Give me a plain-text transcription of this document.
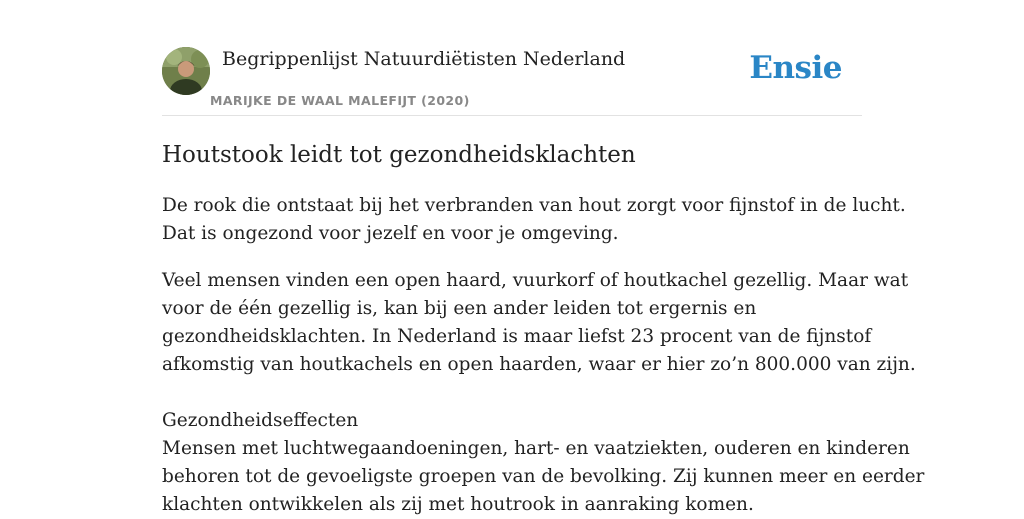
Begrippenlijst Natuurdiëtisten Nederland
MARIJKE DE WAAL MALEFIJT (2020)
Ensie
Houtstook leidt tot gezondheidsklachten
De rook die ontstaat bij het verbranden van hout zorgt voor fijnstof in de lucht.
Dat is ongezond voor jezelf en voor je omgeving.
Veel mensen vinden een open haard, vuurkorf of houtkachel gezellig. Maar wat
voor de één gezellig is, kan bij een ander leiden tot ergernis en
gezondheidsklachten. In Nederland is maar liefst 23 procent van de fijnstof
afkomstig van houtkachels en open haarden, waar er hier zo’n 800.000 van zijn.
Gezondheidseffecten
Mensen met luchtwegaandoeningen, hart- en vaatziekten, ouderen en kinderen
behoren tot de gevoeligste groepen van de bevolking. Zij kunnen meer en eerder
klachten ontwikkelen als zij met houtrook in aanraking komen.
